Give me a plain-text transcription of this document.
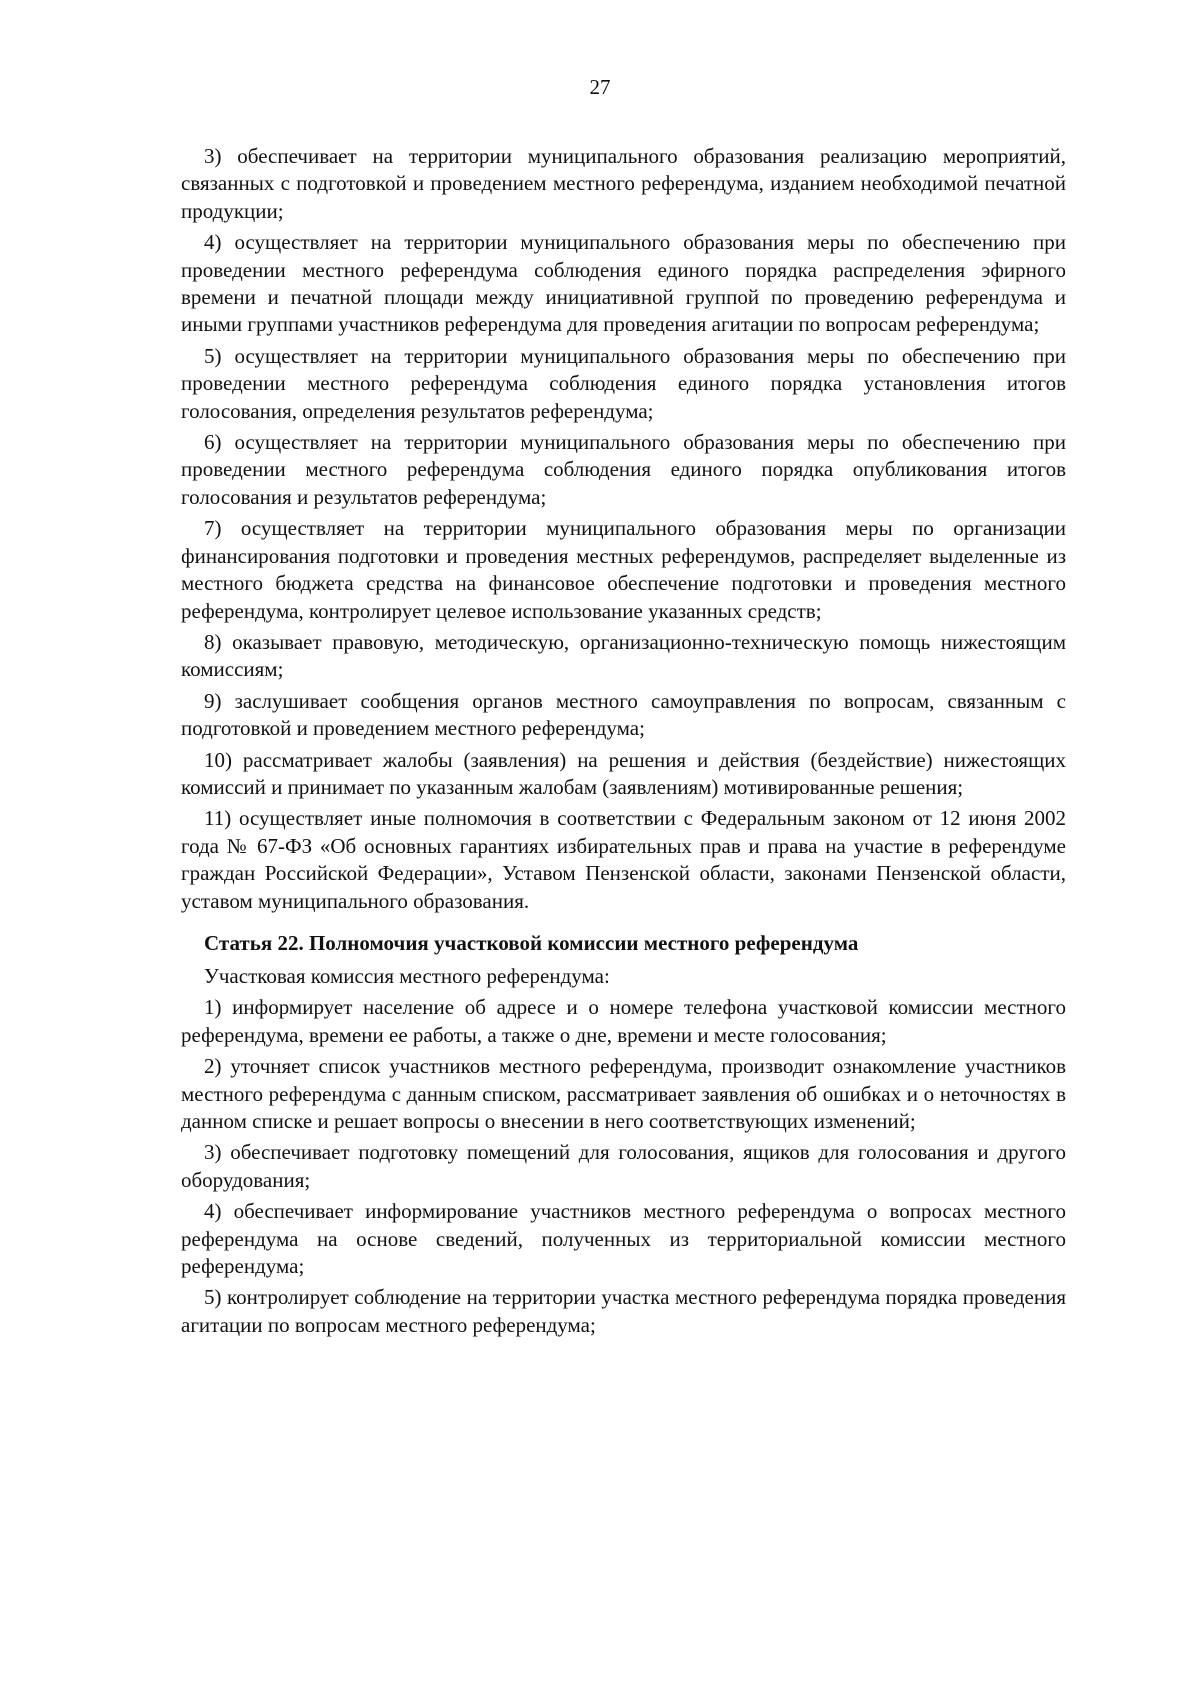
27

3) обеспечивает на территории муниципального образования реализацию мероприятий, связанных с подготовкой и проведением местного референдума, изданием необходимой печатной продукции;

4) осуществляет на территории муниципального образования меры по обеспечению при проведении местного референдума соблюдения единого порядка распределения эфирного времени и печатной площади между инициативной группой по проведению референдума и иными группами участников референдума для проведения агитации по вопросам референдума;

5) осуществляет на территории муниципального образования меры по обеспечению при проведении местного референдума соблюдения единого порядка установления итогов голосования, определения результатов референдума;

6) осуществляет на территории муниципального образования меры по обеспечению при проведении местного референдума соблюдения единого порядка опубликования итогов голосования и результатов референдума;

7) осуществляет на территории муниципального образования меры по организации финансирования подготовки и проведения местных референдумов, распределяет выделенные из местного бюджета средства на финансовое обеспечение подготовки и проведения местного референдума, контролирует целевое использование указанных средств;

8) оказывает правовую, методическую, организационно-техническую помощь нижестоящим комиссиям;

9) заслушивает сообщения органов местного самоуправления по вопросам, связанным с подготовкой и проведением местного референдума;

10) рассматривает жалобы (заявления) на решения и действия (бездействие) нижестоящих комиссий и принимает по указанным жалобам (заявлениям) мотивированные решения;

11) осуществляет иные полномочия в соответствии с Федеральным законом от 12 июня 2002 года № 67-ФЗ «Об основных гарантиях избирательных прав и права на участие в референдуме граждан Российской Федерации», Уставом Пензенской области, законами Пензенской области, уставом муниципального образования.

Статья 22. Полномочия участковой комиссии местного референдума

Участковая комиссия местного референдума:

1) информирует население об адресе и о номере телефона участковой комиссии местного референдума, времени ее работы, а также о дне, времени и месте голосования;

2) уточняет список участников местного референдума, производит ознакомление участников местного референдума с данным списком, рассматривает заявления об ошибках и о неточностях в данном списке и решает вопросы о внесении в него соответствующих изменений;

3) обеспечивает подготовку помещений для голосования, ящиков для голосования и другого оборудования;

4) обеспечивает информирование участников местного референдума о вопросах местного референдума на основе сведений, полученных из территориальной комиссии местного референдума;

5) контролирует соблюдение на территории участка местного референдума порядка проведения агитации по вопросам местного референдума;
